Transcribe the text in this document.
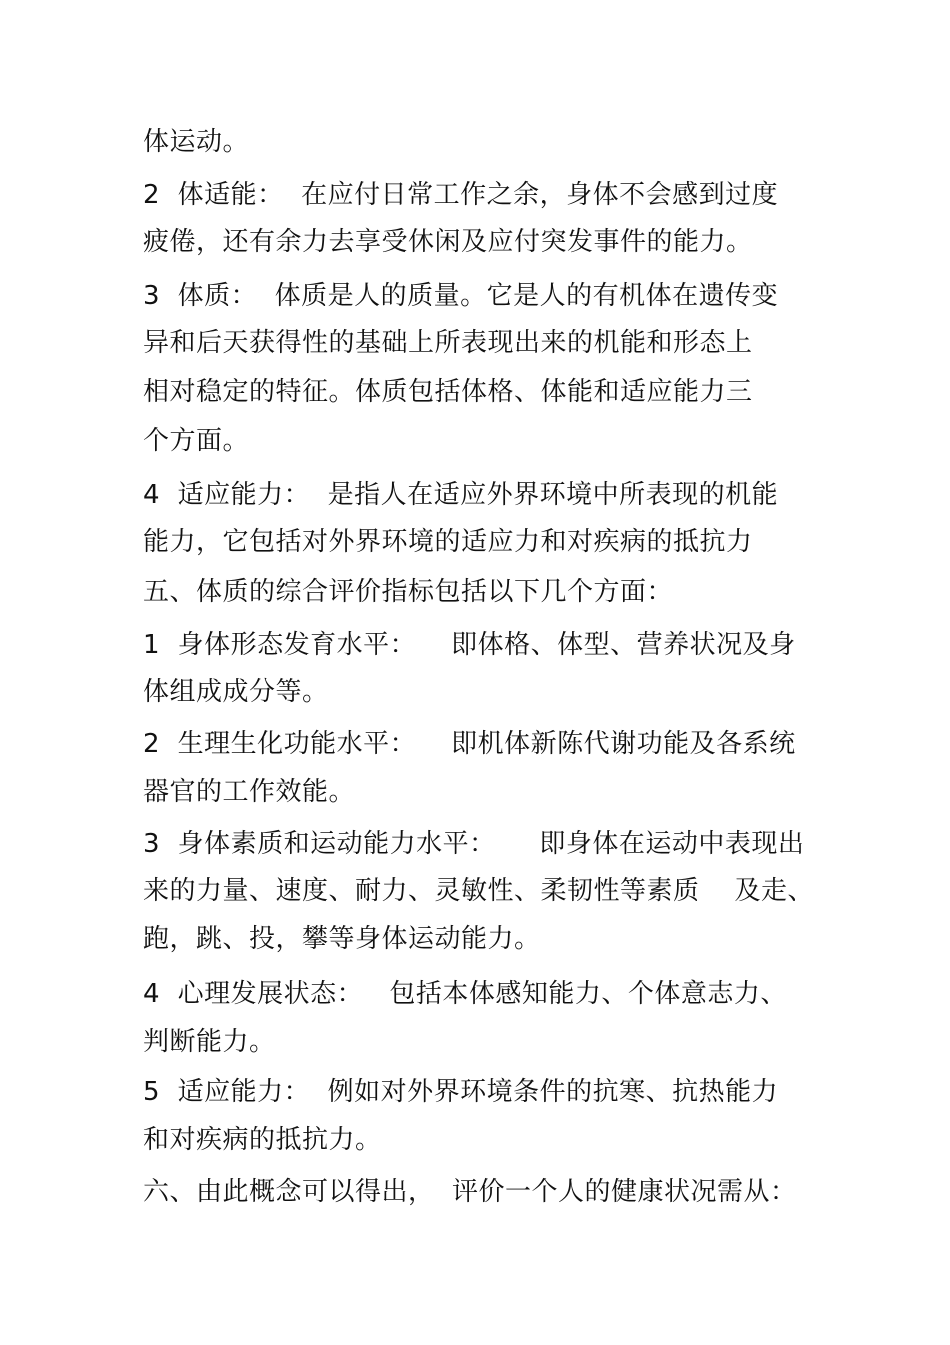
体运动。
2  体适能：  在应付日常工作之余，身体不会感到过度
疲倦，还有余力去享受休闲及应付突发事件的能力。
3  体质：  体质是人的质量。它是人的有机体在遗传变
异和后天获得性的基础上所表现出来的机能和形态上
相对稳定的特征。体质包括体格、体能和适应能力三
个方面。
4  适应能力：  是指人在适应外界环境中所表现的机能
能力，它包括对外界环境的适应力和对疾病的抵抗力
五、体质的综合评价指标包括以下几个方面：
1  身体形态发育水平：    即体格、体型、营养状况及身
体组成成分等。
2  生理生化功能水平：    即机体新陈代谢功能及各系统
器官的工作效能。
3  身体素质和运动能力水平：     即身体在运动中表现出
来的力量、速度、耐力、灵敏性、柔韧性等素质    及走、
跑，跳、投，攀等身体运动能力。
4  心理发展状态：   包括本体感知能力、个体意志力、
判断能力。
5  适应能力：  例如对外界环境条件的抗寒、抗热能力
和对疾病的抵抗力。
六、由此概念可以得出，  评价一个人的健康状况需从：
